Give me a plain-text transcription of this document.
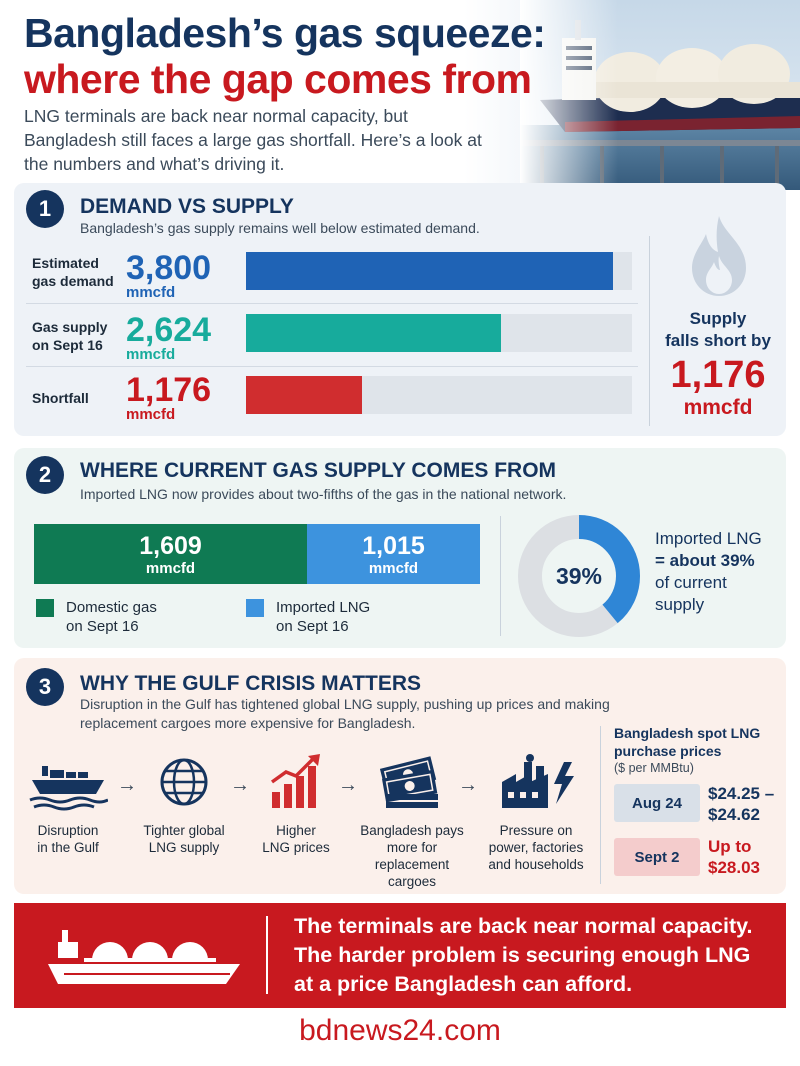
Bangladesh’s gas squeeze:
where the gap comes from
LNG terminals are back near normal capacity, but Bangladesh still faces a large gas shortfall. Here’s a look at the numbers and what’s driving it.
1	DEMAND VS SUPPLY
Bangladesh’s gas supply remains well below estimated demand.
Estimated
gas demand 3,800
mmcfd
Gas supply
on Sept 16 2,624
mmcfd
Shortfall 1,176
mmcfd
Supply
falls short by
1,176
mmcfd
2	WHERE CURRENT GAS SUPPLY COMES FROM
Imported LNG now provides about two-fifths of the gas in the national network.
1,609
mmcfd
1,015
mmcfd
Domestic gas
on Sept 16
Imported LNG
on Sept 16
39%
Imported LNG
= about 39%
of current
supply
3	WHY THE GULF CRISIS MATTERS
Disruption in the Gulf has tightened global LNG supply, pushing up prices and making
replacement cargoes more expensive for Bangladesh.
→	→	→	→
Disruption
in the Gulf
Tighter global
LNG supply
Higher
LNG prices
Bangladesh pays
more for
replacement
cargoes
Pressure on
power, factories
and households
Bangladesh spot LNG
purchase prices
($ per MMBtu)
Aug 24	$24.25 –
$24.62
Sept 2
Up to
$28.03
The terminals are back near normal capacity.
The harder problem is securing enough LNG
at a price Bangladesh can afford.
bdnews24.com
